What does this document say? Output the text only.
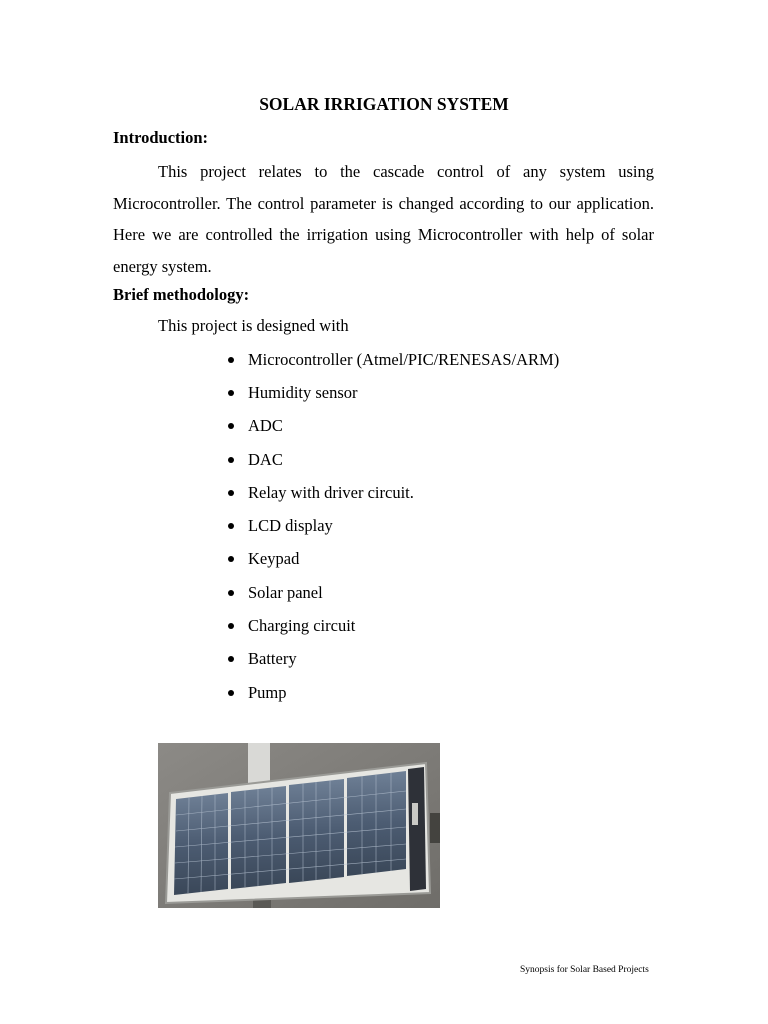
SOLAR IRRIGATION SYSTEM
Introduction:

This project relates to the cascade control of any system using Microcontroller. The control parameter is changed according to our application. Here we are controlled the irrigation using Microcontroller with help of solar energy system.

Brief methodology:
This project is designed with
Microcontroller (Atmel/PIC/RENESAS/ARM)
Humidity sensor
ADC
DAC
Relay with driver circuit.
LCD display
Keypad
Solar panel
Charging circuit
Battery
Pump
Synopsis for Solar Based Projects
